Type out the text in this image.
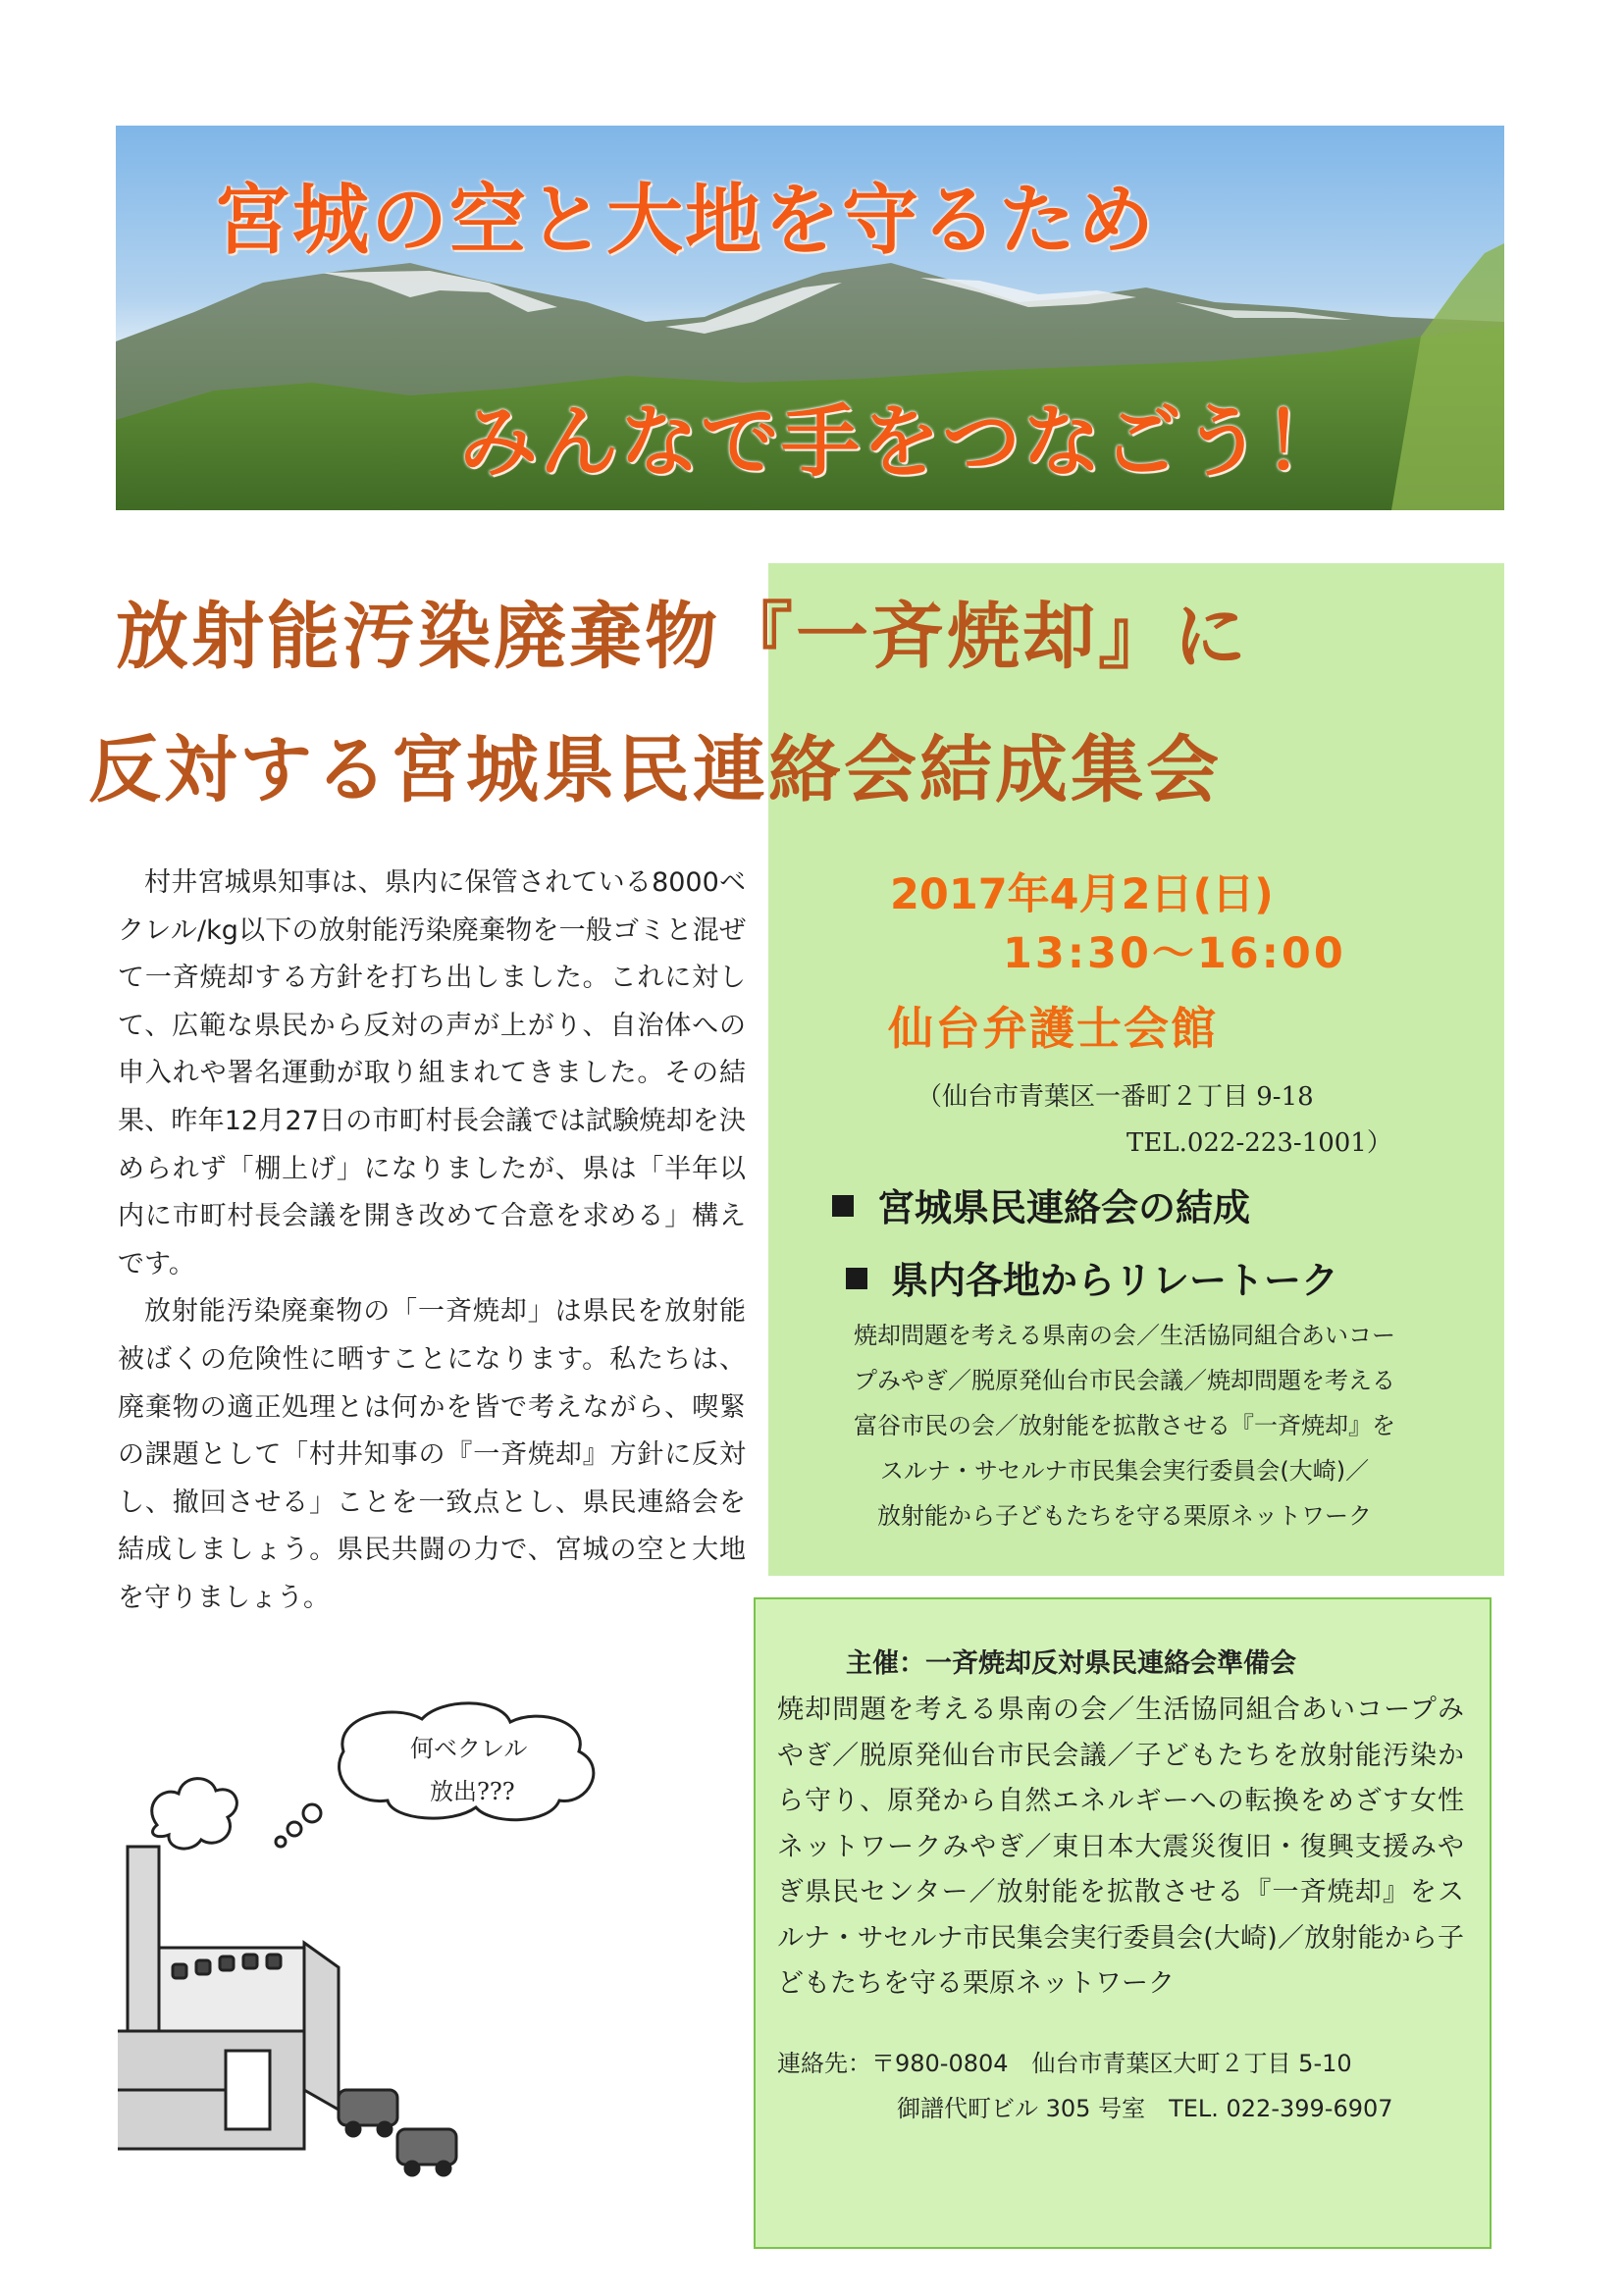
宮城の空と大地を守るため

みんなで手をつなごう！

放射能汚染廃棄物『一斉焼却』に
反対する宮城県民連絡会結成集会

村井宮城県知事は、県内に保管されている8000ベクレル/kg以下の放射能汚染廃棄物を一般ゴミと混ぜて一斉焼却する方針を打ち出しました。これに対して、広範な県民から反対の声が上がり、自治体への申入れや署名運動が取り組まれてきました。その結果、昨年12月27日の市町村長会議では試験焼却を決められず「棚上げ」になりましたが、県は「半年以内に市町村長会議を開き改めて合意を求める」構えです。

放射能汚染廃棄物の「一斉焼却」は県民を放射能被ばくの危険性に晒すことになります。私たちは、廃棄物の適正処理とは何かを皆で考えながら、喫緊の課題として「村井知事の『一斉焼却』方針に反対し、撤回させる」ことを一致点とし、県民連絡会を結成しましょう。県民共闘の力で、宮城の空と大地を守りましょう。

2017年4月2日(日)

13:30～16:00

仙台弁護士会館

（仙台市青葉区一番町２丁目 9-18

TEL.022-223-1001）

宮城県民連絡会の結成

県内各地からリレートーク

焼却問題を考える県南の会／生活協同組合あいコー
プみやぎ／脱原発仙台市民会議／焼却問題を考える
富谷市民の会／放射能を拡散させる『一斉焼却』を
スルナ・サセルナ市民集会実行委員会(大崎)／
放射能から子どもたちを守る栗原ネットワーク

主催：一斉焼却反対県民連絡会準備会

焼却問題を考える県南の会／生活協同組合あいコープみやぎ／脱原発仙台市民会議／子どもたちを放射能汚染から守り、原発から自然エネルギーへの転換をめざす女性ネットワークみやぎ／東日本大震災復旧・復興支援みやぎ県民センター／放射能を拡散させる『一斉焼却』をスルナ・サセルナ市民集会実行委員会(大崎)／放射能から子どもたちを守る栗原ネットワーク

連絡先：〒980-0804　仙台市青葉区大町２丁目 5-10

御譜代町ビル 305 号室　TEL. 022-399-6907

何ベクレル

放出???
